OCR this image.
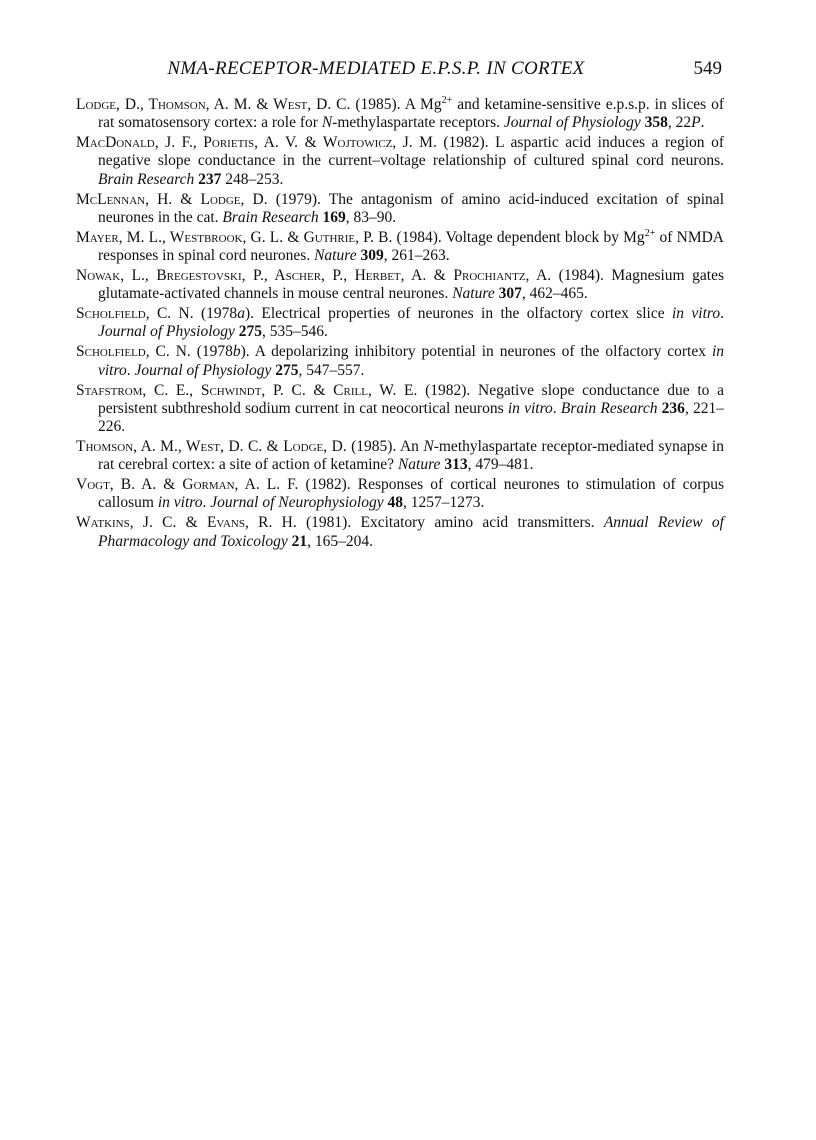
NMA-RECEPTOR-MEDIATED E.P.S.P. IN CORTEX	549

Lodge, D., Thomson, A. M. & West, D. C. (1985). A $Mg^{2+}$ and ketamine-sensitive e.p.s.p. in slices of rat somatosensory cortex: a role for N-methylaspartate receptors. Journal of Physiology 358, 22P.

MacDonald, J. F., Porietis, A. V. & Wojtowicz, J. M. (1982). L aspartic acid induces a region of negative slope conductance in the current–voltage relationship of cultured spinal cord neurons. Brain Research 237 248–253.

McLennan, H. & Lodge, D. (1979). The antagonism of amino acid-induced excitation of spinal neurones in the cat. Brain Research 169, 83–90.

Mayer, M. L., Westbrook, G. L. & Guthrie, P. B. (1984). Voltage dependent block by $Mg^{2+}$ of NMDA responses in spinal cord neurones. Nature 309, 261–263.

Nowak, L., Bregestovski, P., Ascher, P., Herbet, A. & Prochiantz, A. (1984). Magnesium gates glutamate-activated channels in mouse central neurones. Nature 307, 462–465.

Scholfield, C. N. (1978a). Electrical properties of neurones in the olfactory cortex slice in vitro. Journal of Physiology 275, 535–546.

Scholfield, C. N. (1978b). A depolarizing inhibitory potential in neurones of the olfactory cortex in vitro. Journal of Physiology 275, 547–557.

Stafstrom, C. E., Schwindt, P. C. & Crill, W. E. (1982). Negative slope conductance due to a persistent subthreshold sodium current in cat neocortical neurons in vitro. Brain Research 236, 221–226.

Thomson, A. M., West, D. C. & Lodge, D. (1985). An N-methylaspartate receptor-mediated synapse in rat cerebral cortex: a site of action of ketamine? Nature 313, 479–481.

Vogt, B. A. & Gorman, A. L. F. (1982). Responses of cortical neurones to stimulation of corpus callosum in vitro. Journal of Neurophysiology 48, 1257–1273.

Watkins, J. C. & Evans, R. H. (1981). Excitatory amino acid transmitters. Annual Review of Pharmacology and Toxicology 21, 165–204.
